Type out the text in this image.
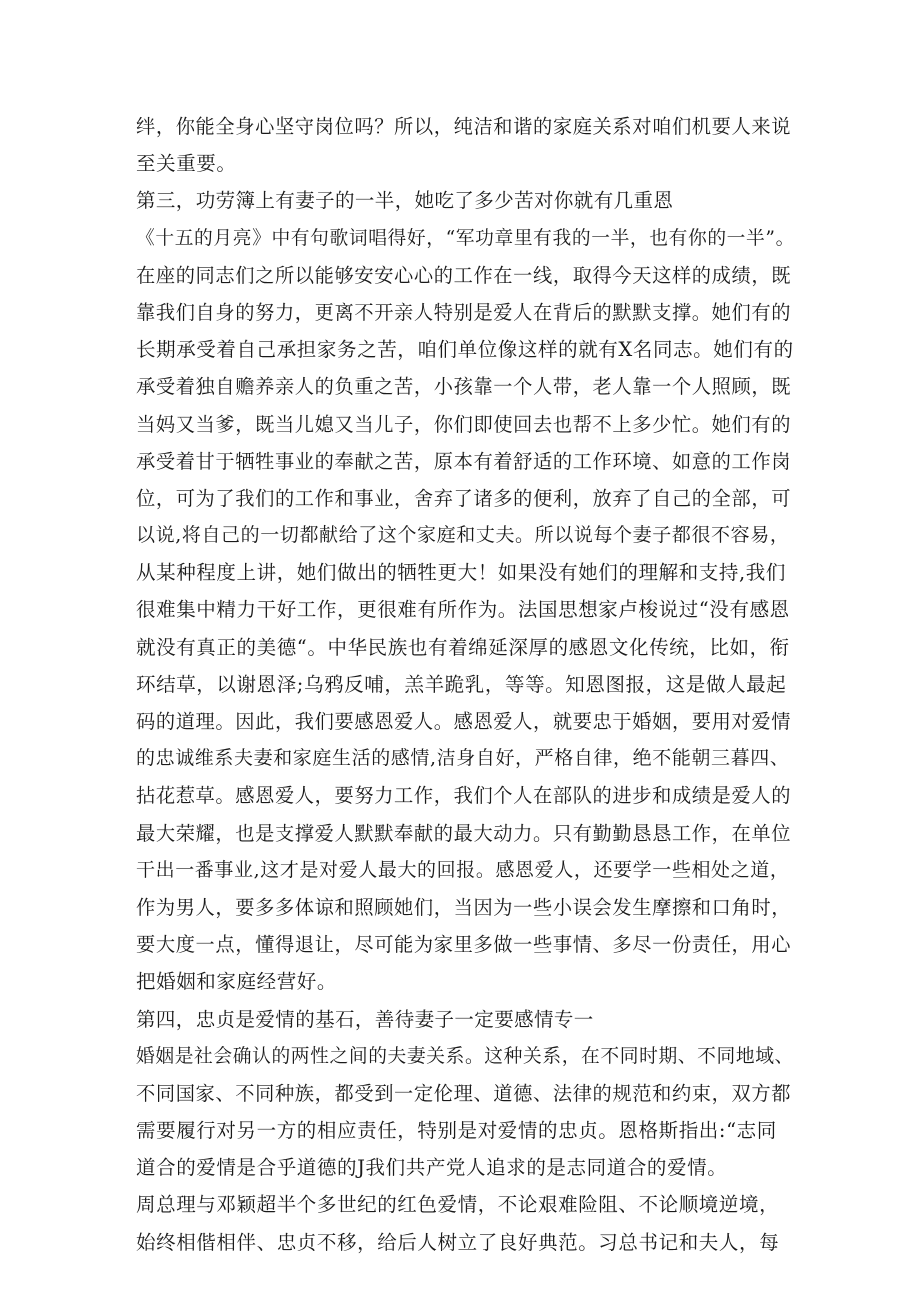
绊，你能全身心坚守岗位吗？所以，纯洁和谐的家庭关系对咱们机要人来说
至关重要。
第三，功劳簿上有妻子的一半，她吃了多少苦对你就有几重恩
《十五的月亮》中有句歌词唱得好，“军功章里有我的一半，也有你的一半”。
在座的同志们之所以能够安安心心的工作在一线，取得今天这样的成绩，既
靠我们自身的努力，更离不开亲人特别是爱人在背后的默默支撑。她们有的
长期承受着自己承担家务之苦，咱们单位像这样的就有X名同志。她们有的
承受着独自赡养亲人的负重之苦，小孩靠一个人带，老人靠一个人照顾，既
当妈又当爹，既当儿媳又当儿子，你们即使回去也帮不上多少忙。她们有的
承受着甘于牺牲事业的奉献之苦，原本有着舒适的工作环境、如意的工作岗
位，可为了我们的工作和事业，舍弃了诸多的便利，放弃了自己的全部，可
以说,将自己的一切都献给了这个家庭和丈夫。所以说每个妻子都很不容易，
从某种程度上讲，她们做出的牺牲更大！如果没有她们的理解和支持,我们
很难集中精力干好工作，更很难有所作为。法国思想家卢梭说过“没有感恩
就没有真正的美德“。中华民族也有着绵延深厚的感恩文化传统，比如，衔
环结草，以谢恩泽;乌鸦反哺，羔羊跪乳，等等。知恩图报，这是做人最起
码的道理。因此，我们要感恩爱人。感恩爱人，就要忠于婚姻，要用对爱情
的忠诚维系夫妻和家庭生活的感情,洁身自好，严格自律，绝不能朝三暮四、
拈花惹草。感恩爱人，要努力工作，我们个人在部队的进步和成绩是爱人的
最大荣耀，也是支撑爱人默默奉献的最大动力。只有勤勤恳恳工作，在单位
干出一番事业,这才是对爱人最大的回报。感恩爱人，还要学一些相处之道，
作为男人，要多多体谅和照顾她们，当因为一些小误会发生摩擦和口角时，
要大度一点，懂得退让，尽可能为家里多做一些事情、多尽一份责任，用心
把婚姻和家庭经营好。
第四，忠贞是爱情的基石，善待妻子一定要感情专一
婚姻是社会确认的两性之间的夫妻关系。这种关系，在不同时期、不同地域、
不同国家、不同种族，都受到一定伦理、道德、法律的规范和约束，双方都
需要履行对另一方的相应责任，特别是对爱情的忠贞。恩格斯指出:“志同
道合的爱情是合乎道德的J我们共产党人追求的是志同道合的爱情。
周总理与邓颖超半个多世纪的红色爱情，不论艰难险阻、不论顺境逆境，
始终相偕相伴、忠贞不移，给后人树立了良好典范。习总书记和夫人，每
